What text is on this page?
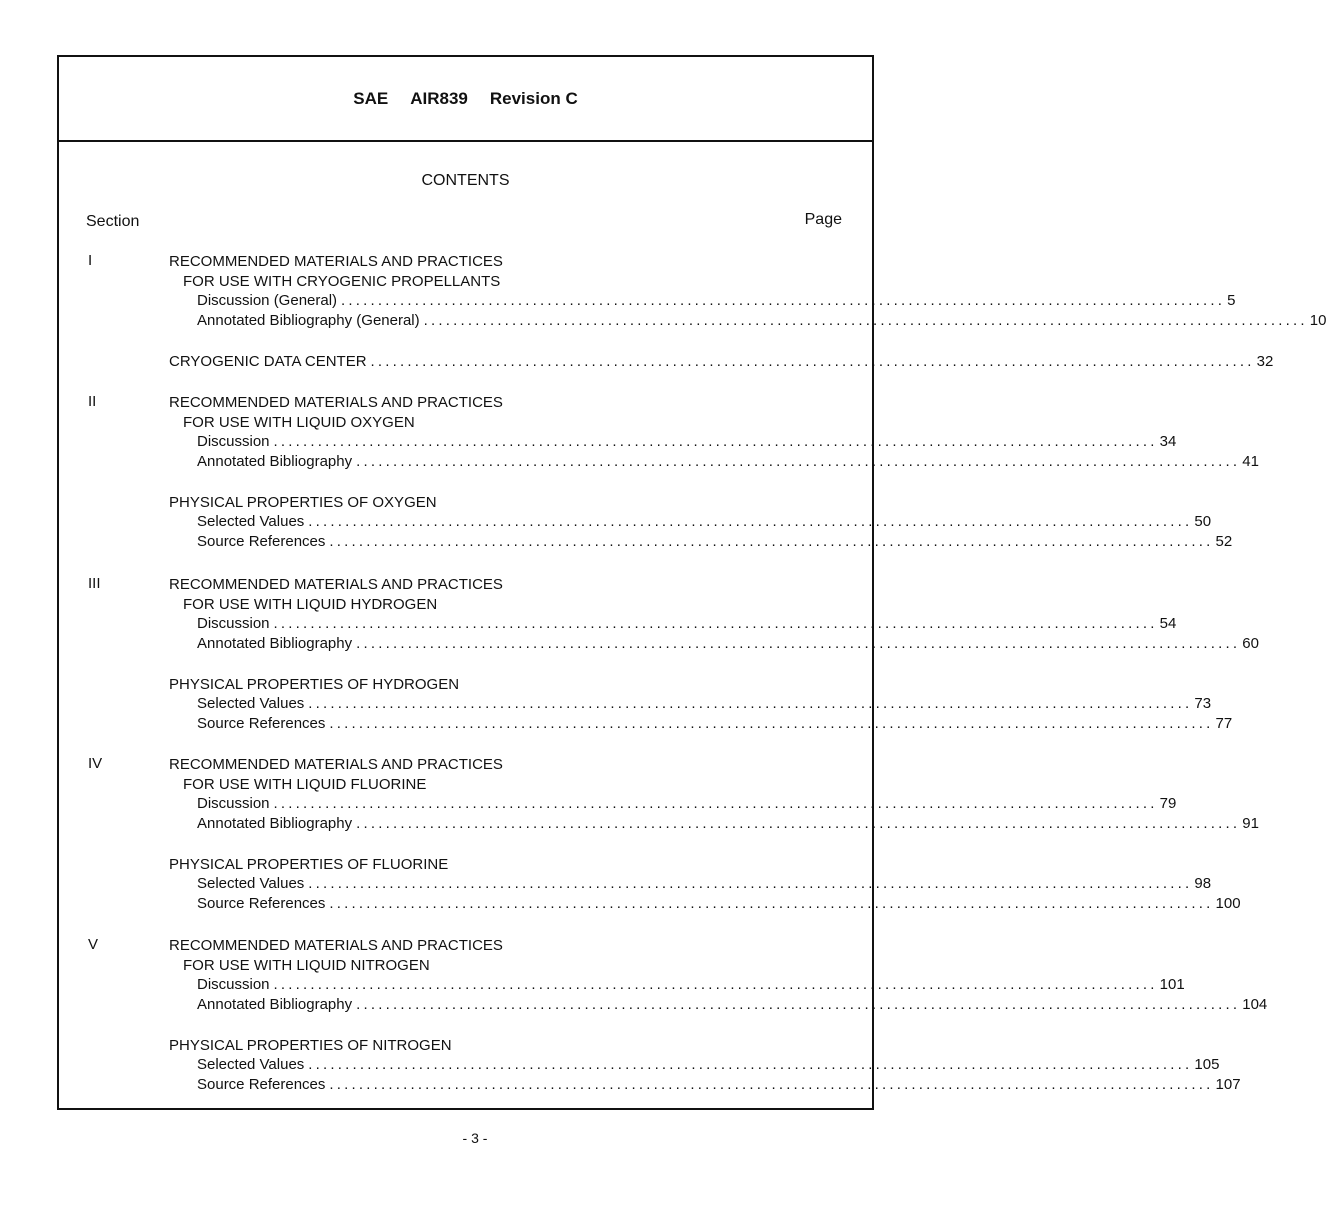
SAE AIR839 Revision C
CONTENTS
Section	Page
I	RECOMMENDED MATERIALS AND PRACTICES
FOR USE WITH CRYOGENIC PROPELLANTS
Discussion (General) ........................................................................................................................ 5
Annotated Bibliography (General) ........................................................................................................................ 10
CRYOGENIC DATA CENTER ........................................................................................................................ 32
II	RECOMMENDED MATERIALS AND PRACTICES
FOR USE WITH LIQUID OXYGEN
Discussion ........................................................................................................................ 34
Annotated Bibliography ........................................................................................................................ 41
PHYSICAL PROPERTIES OF OXYGEN
Selected Values ........................................................................................................................ 50
Source References ........................................................................................................................ 52
III	RECOMMENDED MATERIALS AND PRACTICES
FOR USE WITH LIQUID HYDROGEN
Discussion ........................................................................................................................ 54
Annotated Bibliography ........................................................................................................................ 60
PHYSICAL PROPERTIES OF HYDROGEN
Selected Values ........................................................................................................................ 73
Source References ........................................................................................................................ 77
IV	RECOMMENDED MATERIALS AND PRACTICES
FOR USE WITH LIQUID FLUORINE
Discussion ........................................................................................................................ 79
Annotated Bibliography ........................................................................................................................ 91
PHYSICAL PROPERTIES OF FLUORINE
Selected Values ........................................................................................................................ 98
Source References ........................................................................................................................ 100
V	RECOMMENDED MATERIALS AND PRACTICES
FOR USE WITH LIQUID NITROGEN
Discussion ........................................................................................................................ 101
Annotated Bibliography ........................................................................................................................ 104
PHYSICAL PROPERTIES OF NITROGEN
Selected Values ........................................................................................................................ 105
Source References ........................................................................................................................ 107
- 3 -
